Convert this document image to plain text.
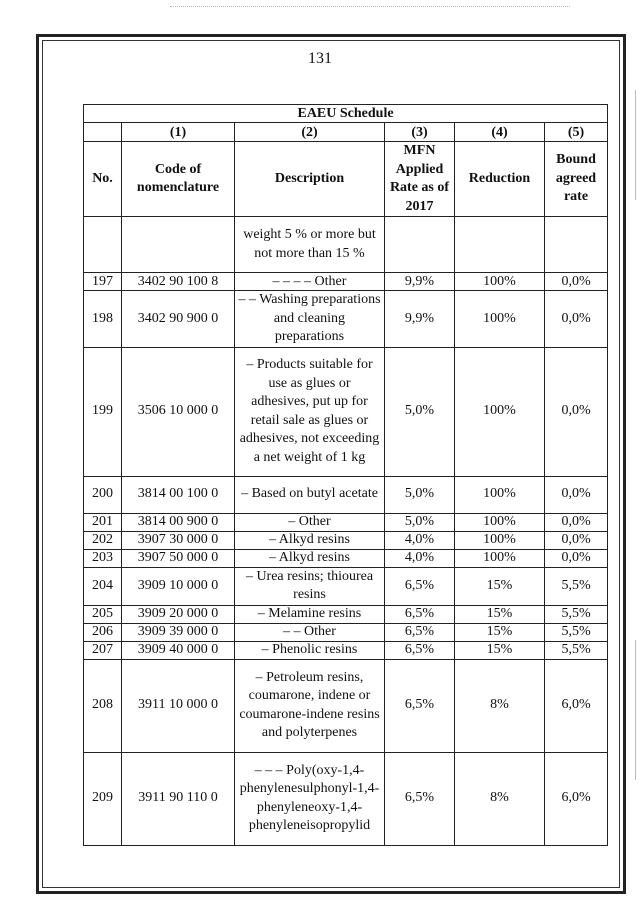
131
EAEU Schedule					
	(1)	(2)	(3)	(4)	(5)
No.	Code of nomenclature	Description	MFN Applied Rate as of 2017	Reduction	Bound agreed rate
		weight 5 % or more but not more than 15 %			
197	3402 90 100 8	– – – – Other	9,9%	100%	0,0%
198	3402 90 900 0	– – Washing preparations and cleaning preparations	9,9%	100%	0,0%
199	3506 10 000 0	– Products suitable for use as glues or adhesives, put up for retail sale as glues or adhesives, not exceeding a net weight of 1 kg	5,0%	100%	0,0%
200	3814 00 100 0	– Based on butyl acetate	5,0%	100%	0,0%
201	3814 00 900 0	– Other	5,0%	100%	0,0%
202	3907 30 000 0	– Alkyd resins	4,0%	100%	0,0%
203	3907 50 000 0	– Alkyd resins	4,0%	100%	0,0%
204	3909 10 000 0	– Urea resins; thiourea resins	6,5%	15%	5,5%
205	3909 20 000 0	– Melamine resins	6,5%	15%	5,5%
206	3909 39 000 0	– – Other	6,5%	15%	5,5%
207	3909 40 000 0	– Phenolic resins	6,5%	15%	5,5%
208	3911 10 000 0	– Petroleum resins, coumarone, indene or coumarone-indene resins and polyterpenes	6,5%	8%	6,0%
209	3911 90 110 0	– – – Poly(oxy-1,4-phenylenesulphonyl-1,4-phenyleneoxy-1,4-phenyleneisopropylid	6,5%	8%	6,0%
